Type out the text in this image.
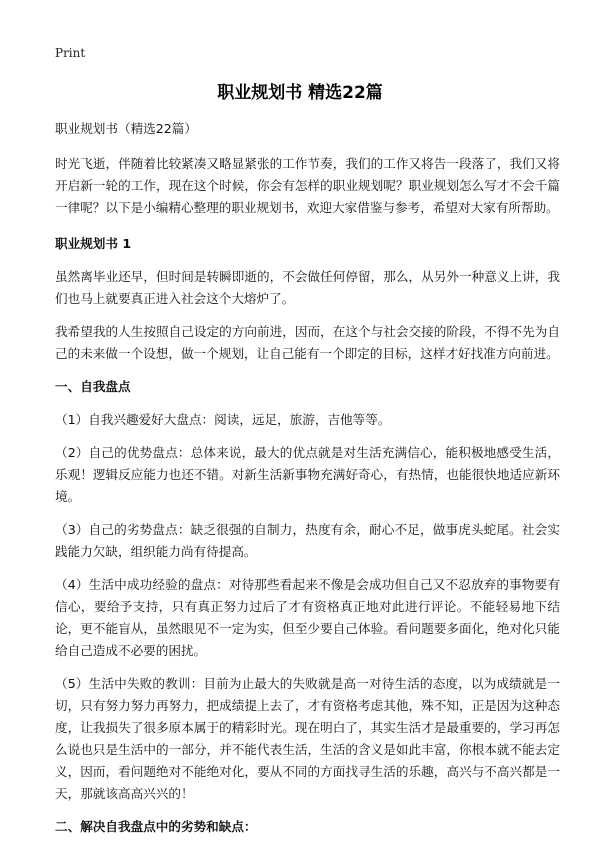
Print
职业规划书 精选22篇

职业规划书（精选22篇）

时光飞逝，伴随着比较紧凑又略显紧张的工作节奏，我们的工作又将告一段落了，我们又将开启新一轮的工作，现在这个时候，你会有怎样的职业规划呢？职业规划怎么写才不会千篇一律呢？以下是小编精心整理的职业规划书，欢迎大家借鉴与参考，希望对大家有所帮助。

职业规划书 1

虽然离毕业还早，但时间是转瞬即逝的，不会做任何停留，那么，从另外一种意义上讲，我们也马上就要真正进入社会这个大熔炉了。

我希望我的人生按照自己设定的方向前进，因而，在这个与社会交接的阶段，不得不先为自己的未来做一个设想，做一个规划，让自己能有一个即定的目标，这样才好找准方向前进。

一、自我盘点

（1）自我兴趣爱好大盘点：阅读，远足，旅游，吉他等等。

（2）自己的优势盘点：总体来说，最大的优点就是对生活充满信心，能积极地感受生活，乐观！逻辑反应能力也还不错。对新生活新事物充满好奇心，有热情，也能很快地适应新环境。

（3）自己的劣势盘点：缺乏很强的自制力，热度有余，耐心不足，做事虎头蛇尾。社会实践能力欠缺，组织能力尚有待提高。

（4）生活中成功经验的盘点：对待那些看起来不像是会成功但自己又不忍放弃的事物要有信心，要给予支持，只有真正努力过后了才有资格真正地对此进行评论。不能轻易地下结论，更不能盲从，虽然眼见不一定为实，但至少要自己体验。看问题要多面化，绝对化只能给自己造成不必要的困扰。

（5）生活中失败的教训：目前为止最大的失败就是高一对待生活的态度，以为成绩就是一切，只有努力努力再努力，把成绩提上去了，才有资格考虑其他，殊不知，正是因为这种态度，让我损失了很多原本属于的精彩时光。现在明白了，其实生活才是最重要的，学习再怎么说也只是生活中的一部分，并不能代表生活，生活的含义是如此丰富，你根本就不能去定义，因而，看问题绝对不能绝对化，要从不同的方面找寻生活的乐趣，高兴与不高兴都是一天，那就该高高兴兴的！

二、解决自我盘点中的劣势和缺点：
